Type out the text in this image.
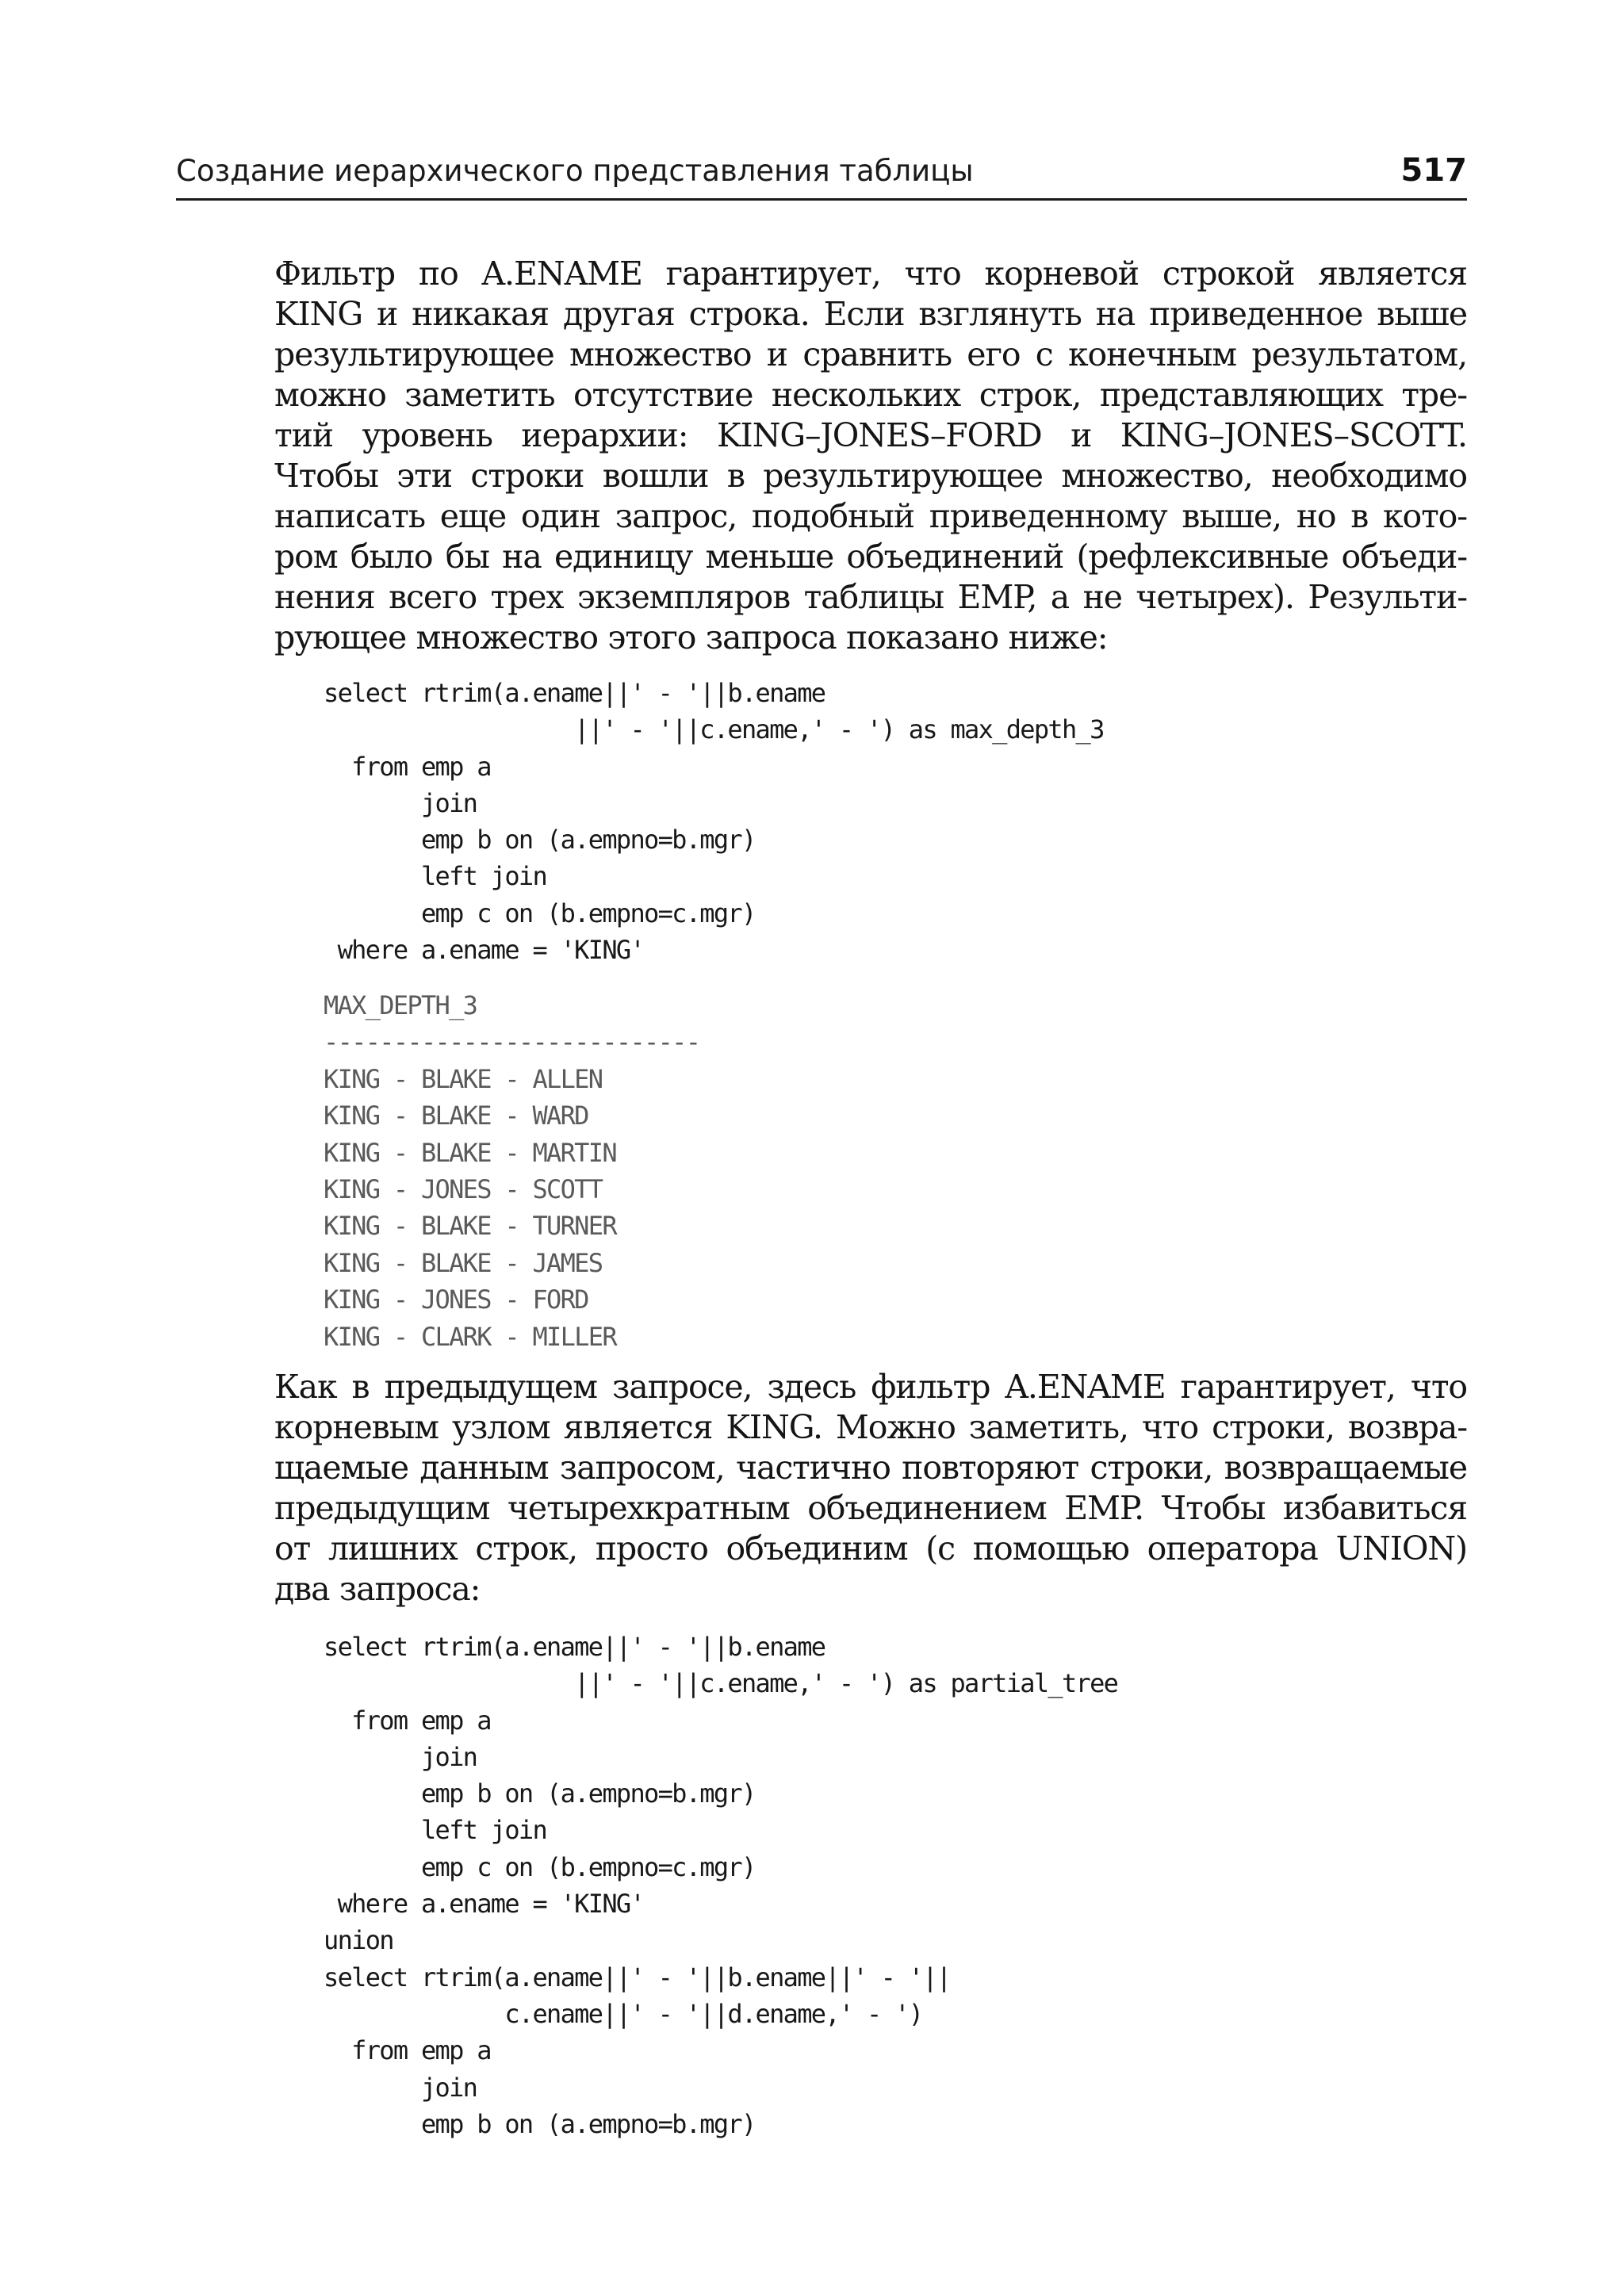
Создание иерархического представления таблицы	517
Фильтр по A.ENAME гарантирует, что корневой строкой является
KING и никакая другая строка. Если взглянуть на приведенное выше
результирующее множество и сравнить его с конечным результатом,
можно заметить отсутствие нескольких строк, представляющих тре-
тий уровень иерархии: KING–JONES–FORD и KING–JONES–SCOTT.
Чтобы эти строки вошли в результирующее множество, необходимо
написать еще один запрос, подобный приведенному выше, но в кото-
ром было бы на единицу меньше объединений (рефлексивные объеди-
нения всего трех экземпляров таблицы EMP, а не четырех). Результи-
рующее множество этого запроса показано ниже:
select rtrim(a.ename||' - '||b.ename
||' - '||c.ename,' - ') as max_depth_3
from emp a
join
emp b on (a.empno=b.mgr)
left join
emp c on (b.empno=c.mgr)
where a.ename = 'KING'
MAX_DEPTH_3
---------------------------
KING - BLAKE - ALLEN
KING - BLAKE - WARD
KING - BLAKE - MARTIN
KING - JONES - SCOTT
KING - BLAKE - TURNER
KING - BLAKE - JAMES
KING - JONES - FORD
KING - CLARK - MILLER
Как в предыдущем запросе, здесь фильтр A.ENAME гарантирует, что
корневым узлом является KING. Можно заметить, что строки, возвра-
щаемые данным запросом, частично повторяют строки, возвращаемые
предыдущим четырехкратным объединением EMP. Чтобы избавиться
от лишних строк, просто объединим (с помощью оператора UNION)
два запроса:
select rtrim(a.ename||' - '||b.ename
||' - '||c.ename,' - ') as partial_tree
from emp a
join
emp b on (a.empno=b.mgr)
left join
emp c on (b.empno=c.mgr)
where a.ename = 'KING'
union
select rtrim(a.ename||' - '||b.ename||' - '||
c.ename||' - '||d.ename,' - ')
from emp a
join
emp b on (a.empno=b.mgr)
